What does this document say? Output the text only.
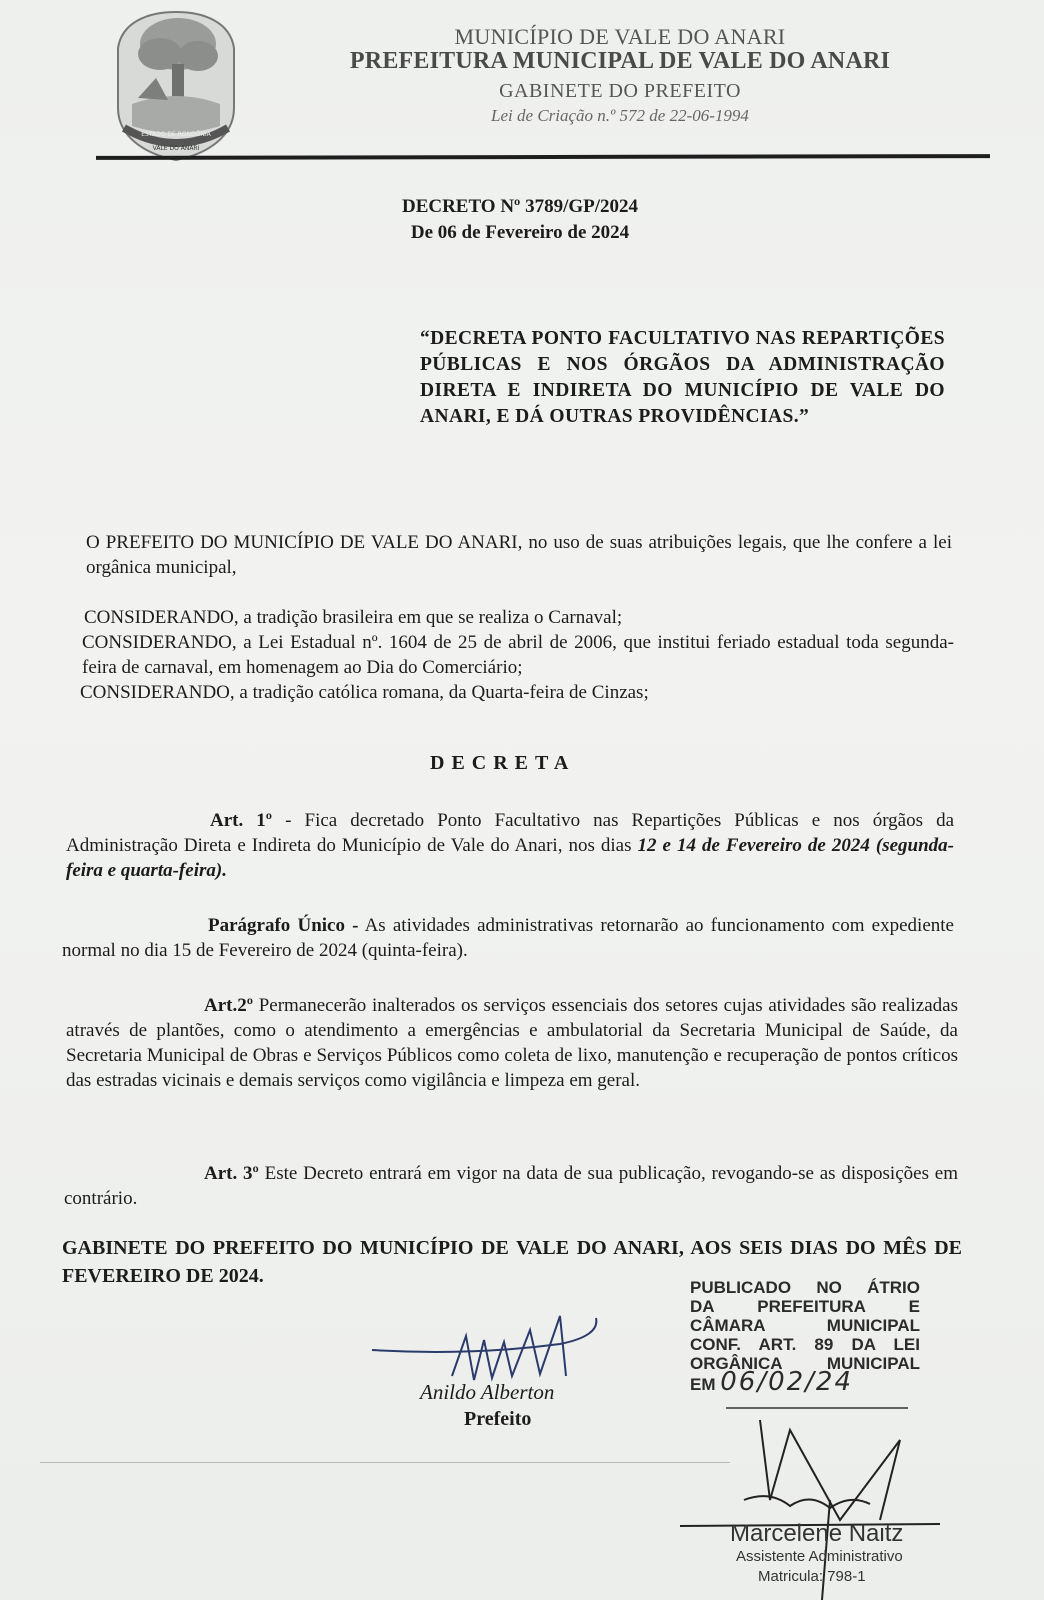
ESTADO DE RONDÔNIA
VALE DO ANARI
MUNICÍPIO DE VALE DO ANARI
PREFEITURA MUNICIPAL DE VALE DO ANARI
GABINETE DO PREFEITO
Lei de Criação n.º 572 de 22-06-1994
DECRETO Nº 3789/GP/2024
De 06 de Fevereiro de 2024
“DECRETA PONTO FACULTATIVO NAS REPARTIÇÕES PÚBLICAS E NOS ÓRGÃOS DA ADMINISTRAÇÃO DIRETA E INDIRETA DO MUNICÍPIO DE VALE DO ANARI, E DÁ OUTRAS PROVIDÊNCIAS.”
O PREFEITO DO MUNICÍPIO DE VALE DO ANARI, no uso de suas atribuições legais, que lhe confere a lei orgânica municipal,
CONSIDERANDO, a tradição brasileira em que se realiza o Carnaval;
CONSIDERANDO, a Lei Estadual nº. 1604 de 25 de abril de 2006, que institui feriado estadual toda segunda-feira de carnaval, em homenagem ao Dia do Comerciário;
CONSIDERANDO, a tradição católica romana, da Quarta-feira de Cinzas;
DECRETA
Art. 1º - Fica decretado Ponto Facultativo nas Repartições Públicas e nos órgãos da Administração Direta e Indireta do Município de Vale do Anari, nos dias 12 e 14 de Fevereiro de 2024 (segunda-feira e quarta-feira).
Parágrafo Único - As atividades administrativas retornarão ao funcionamento com expediente normal no dia 15 de Fevereiro de 2024 (quinta-feira).
Art.2º Permanecerão inalterados os serviços essenciais dos setores cujas atividades são realizadas através de plantões, como o atendimento a emergências e ambulatorial da Secretaria Municipal de Saúde, da Secretaria Municipal de Obras e Serviços Públicos como coleta de lixo, manutenção e recuperação de pontos críticos das estradas vicinais e demais serviços como vigilância e limpeza em geral.
Art. 3º Este Decreto entrará em vigor na data de sua publicação, revogando-se as disposições em contrário.
GABINETE DO PREFEITO DO MUNICÍPIO DE VALE DO ANARI, AOS SEIS DIAS DO MÊS DE FEVEREIRO DE 2024.
PUBLICADO NO ÁTRIO
DA PREFEITURA E
CÂMARA MUNICIPAL
CONF. ART. 89 DA LEI
ORGÂNICA MUNICIPAL
EM 06/02/24
Anildo Alberton
Prefeito
Marcelene Naitz
Assistente Administrativo
Matricula: 798-1
